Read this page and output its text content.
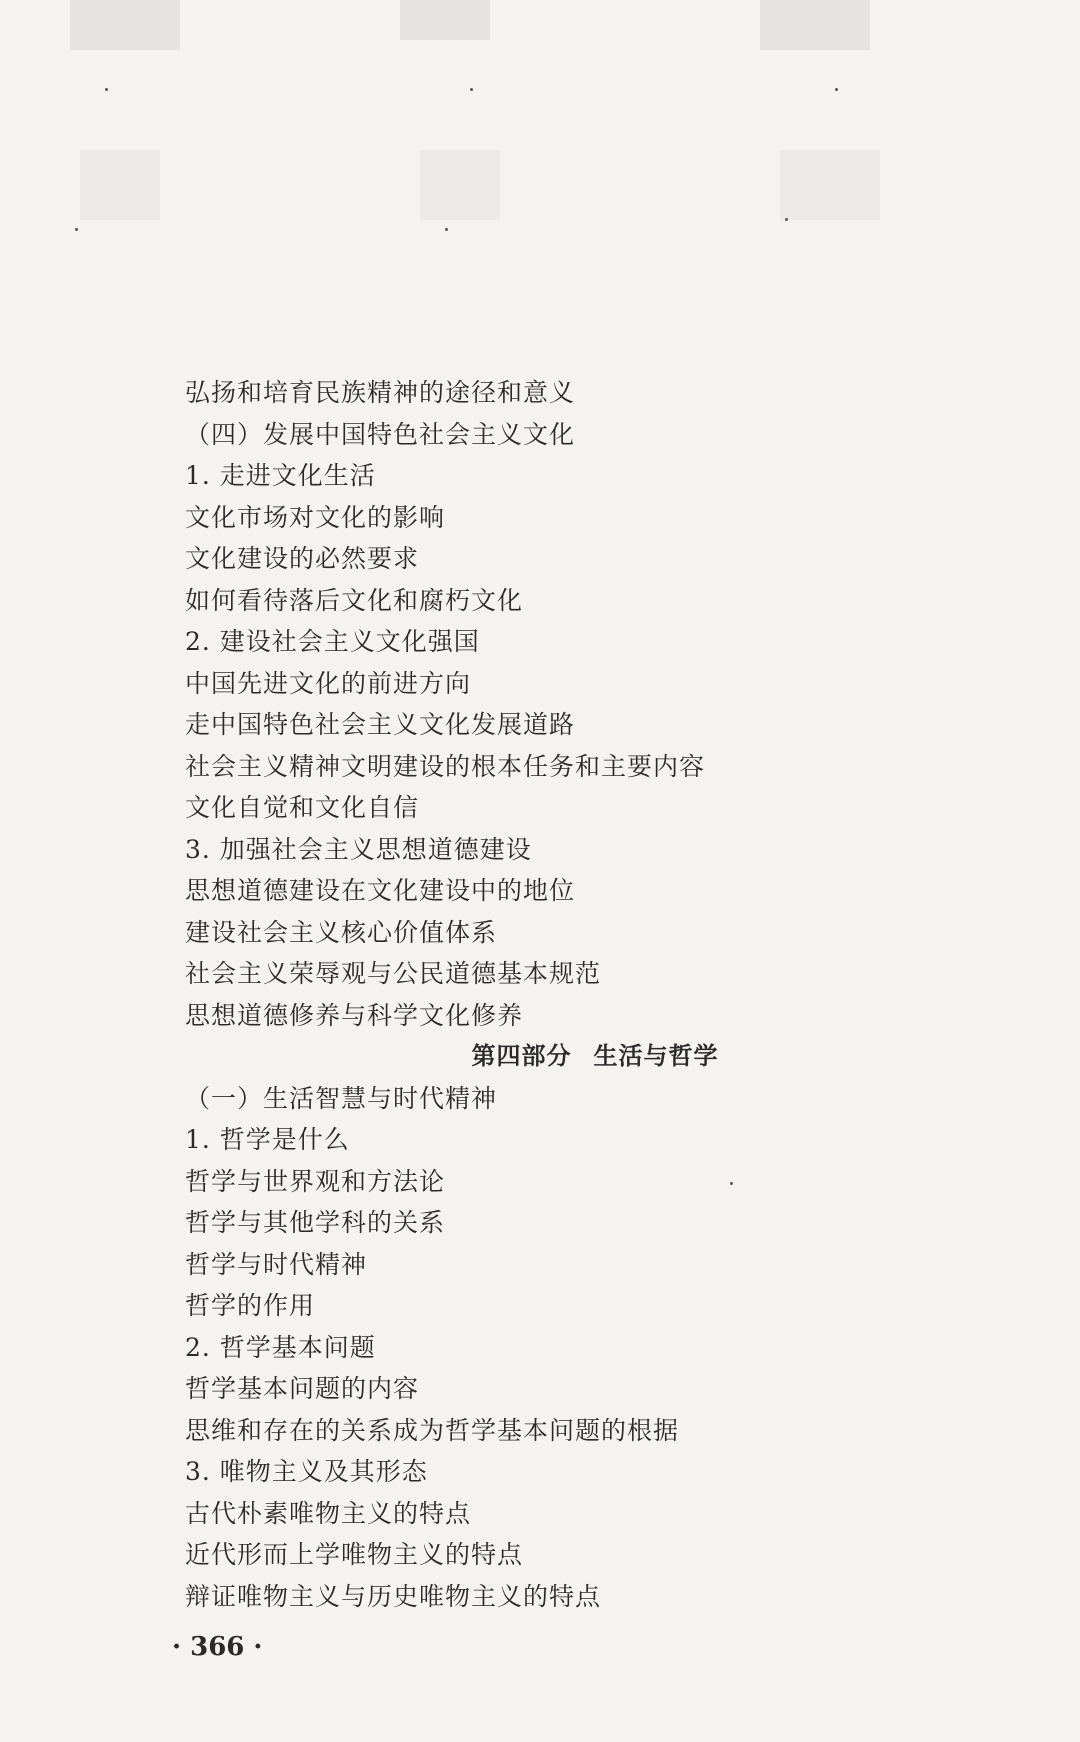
弘扬和培育民族精神的途径和意义
（四）发展中国特色社会主义文化
1. 走进文化生活
文化市场对文化的影响
文化建设的必然要求
如何看待落后文化和腐朽文化
2. 建设社会主义文化强国
中国先进文化的前进方向
走中国特色社会主义文化发展道路
社会主义精神文明建设的根本任务和主要内容
文化自觉和文化自信
3. 加强社会主义思想道德建设
思想道德建设在文化建设中的地位
建设社会主义核心价值体系
社会主义荣辱观与公民道德基本规范
思想道德修养与科学文化修养
第四部分 生活与哲学
（一）生活智慧与时代精神
1. 哲学是什么
哲学与世界观和方法论
哲学与其他学科的关系
哲学与时代精神
哲学的作用
2. 哲学基本问题
哲学基本问题的内容
思维和存在的关系成为哲学基本问题的根据
3. 唯物主义及其形态
古代朴素唯物主义的特点
近代形而上学唯物主义的特点
辩证唯物主义与历史唯物主义的特点
· 366 ·
